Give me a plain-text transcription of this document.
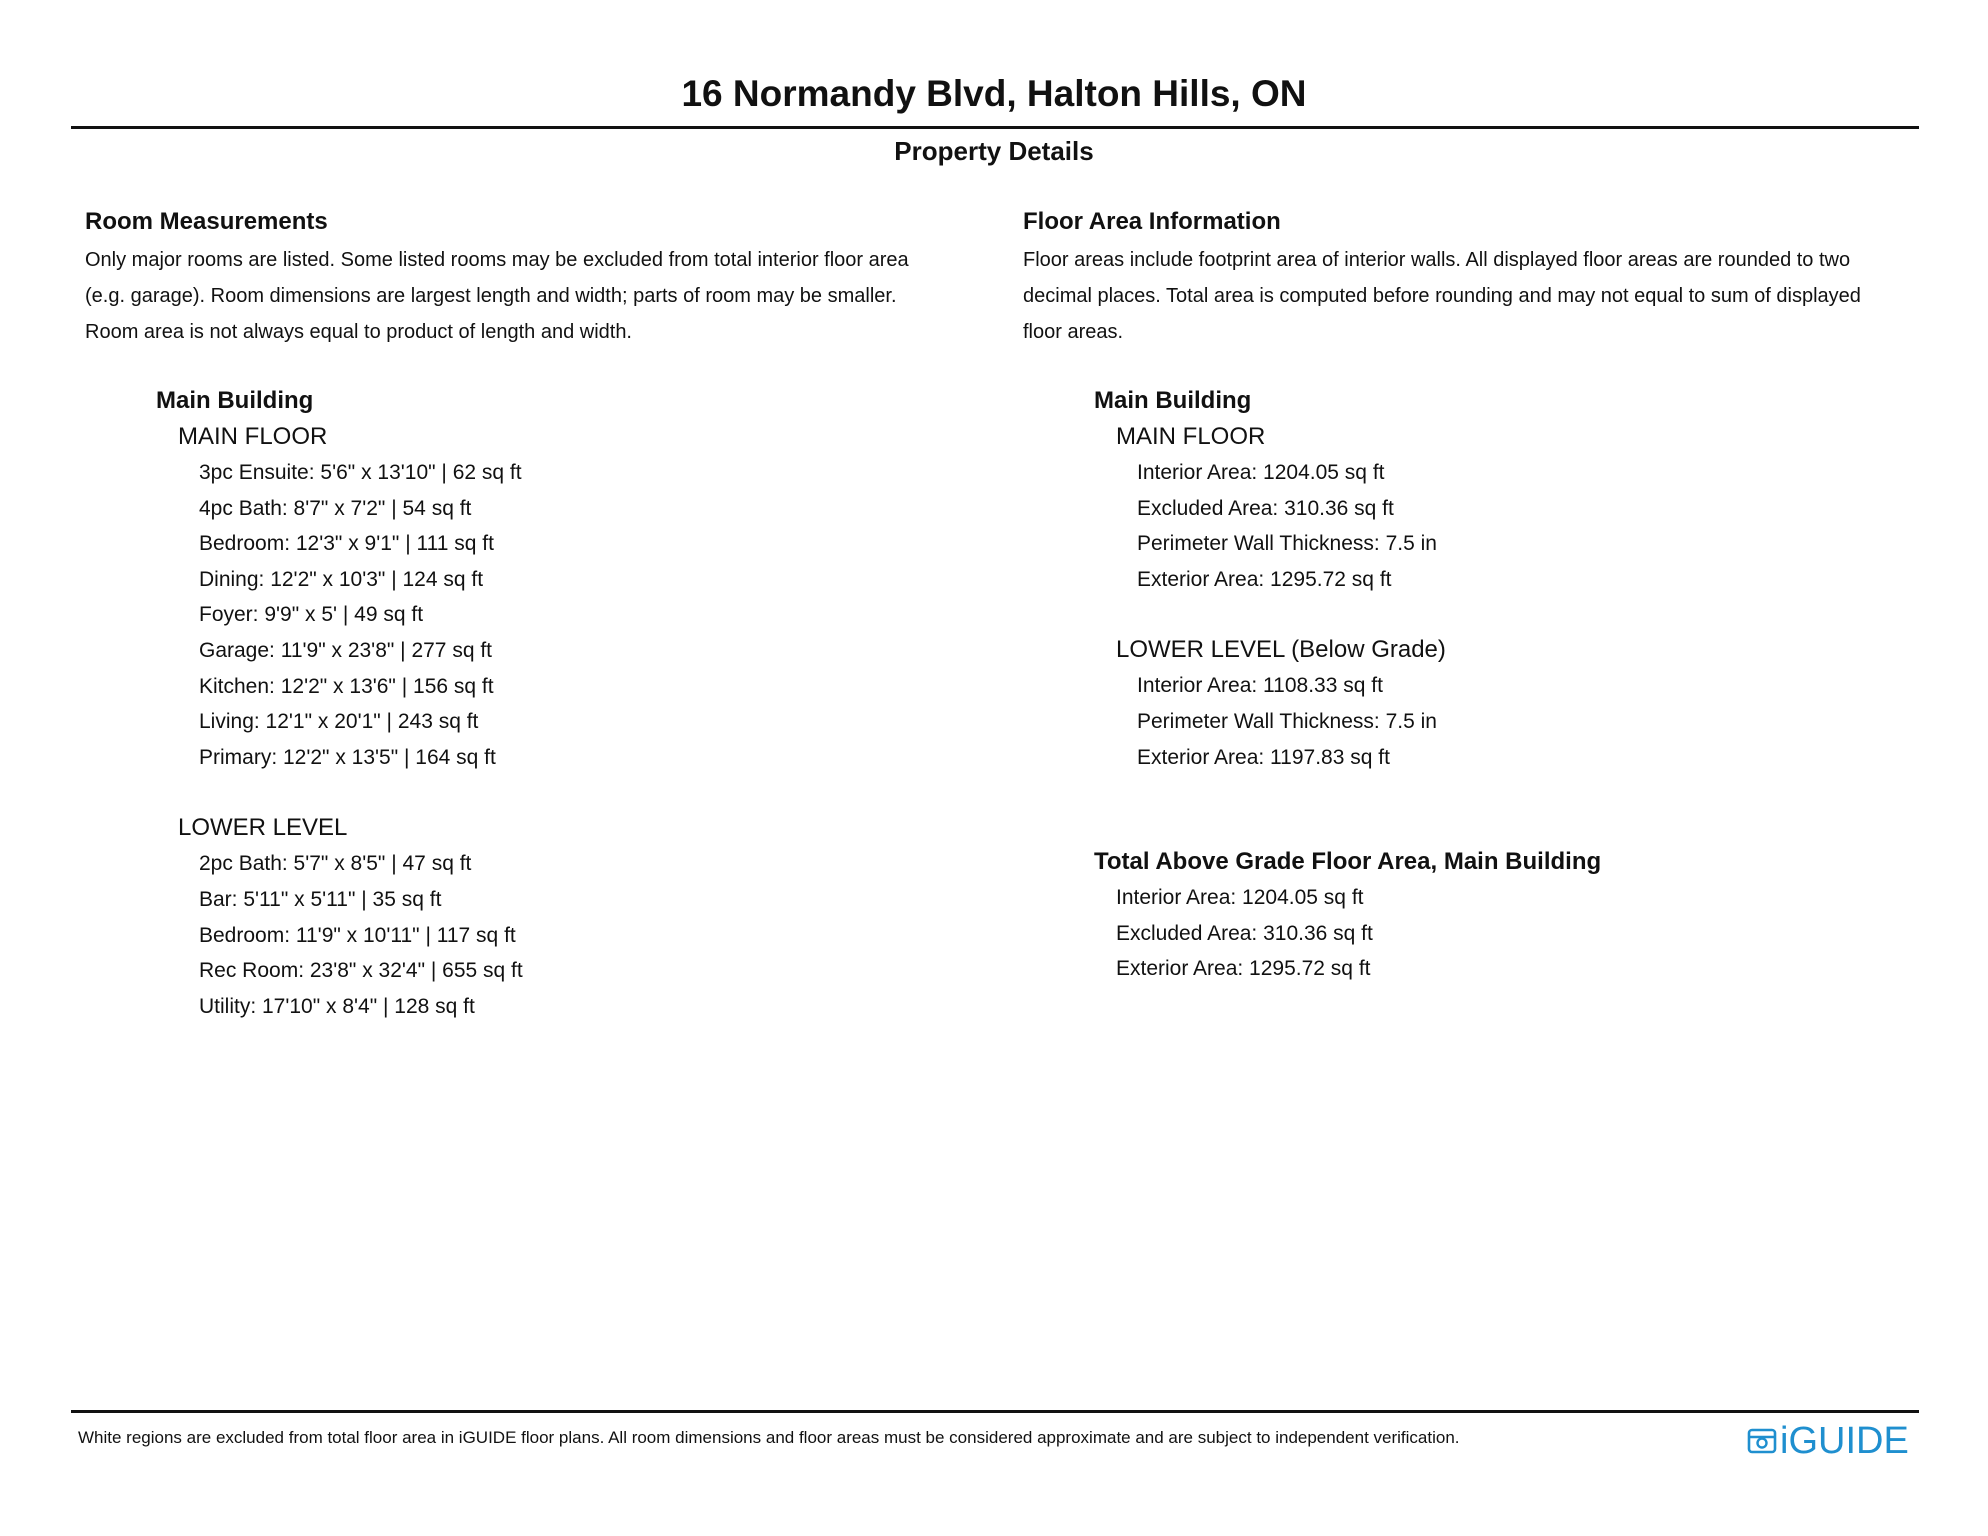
16 Normandy Blvd, Halton Hills, ON
Property Details
Room Measurements
Only major rooms are listed. Some listed rooms may be excluded from total interior floor area
(e.g. garage). Room dimensions are largest length and width; parts of room may be smaller.
Room area is not always equal to product of length and width.
Main Building
MAIN FLOOR
3pc Ensuite: 5'6" x 13'10" | 62 sq ft
4pc Bath: 8'7" x 7'2" | 54 sq ft
Bedroom: 12'3" x 9'1" | 111 sq ft
Dining: 12'2" x 10'3" | 124 sq ft
Foyer: 9'9" x 5' | 49 sq ft
Garage: 11'9" x 23'8" | 277 sq ft
Kitchen: 12'2" x 13'6" | 156 sq ft
Living: 12'1" x 20'1" | 243 sq ft
Primary: 12'2" x 13'5" | 164 sq ft
LOWER LEVEL
2pc Bath: 5'7" x 8'5" | 47 sq ft
Bar: 5'11" x 5'11" | 35 sq ft
Bedroom: 11'9" x 10'11" | 117 sq ft
Rec Room: 23'8" x 32'4" | 655 sq ft
Utility: 17'10" x 8'4" | 128 sq ft
Floor Area Information
Floor areas include footprint area of interior walls. All displayed floor areas are rounded to two
decimal places. Total area is computed before rounding and may not equal to sum of displayed
floor areas.
Main Building
MAIN FLOOR
Interior Area: 1204.05 sq ft
Excluded Area: 310.36 sq ft
Perimeter Wall Thickness: 7.5 in
Exterior Area: 1295.72 sq ft
LOWER LEVEL (Below Grade)
Interior Area: 1108.33 sq ft
Perimeter Wall Thickness: 7.5 in
Exterior Area: 1197.83 sq ft
Total Above Grade Floor Area, Main Building
Interior Area: 1204.05 sq ft
Excluded Area: 310.36 sq ft
Exterior Area: 1295.72 sq ft
White regions are excluded from total floor area in iGUIDE floor plans. All room dimensions and floor areas must be considered approximate and are subject to independent verification.	iGUIDE
